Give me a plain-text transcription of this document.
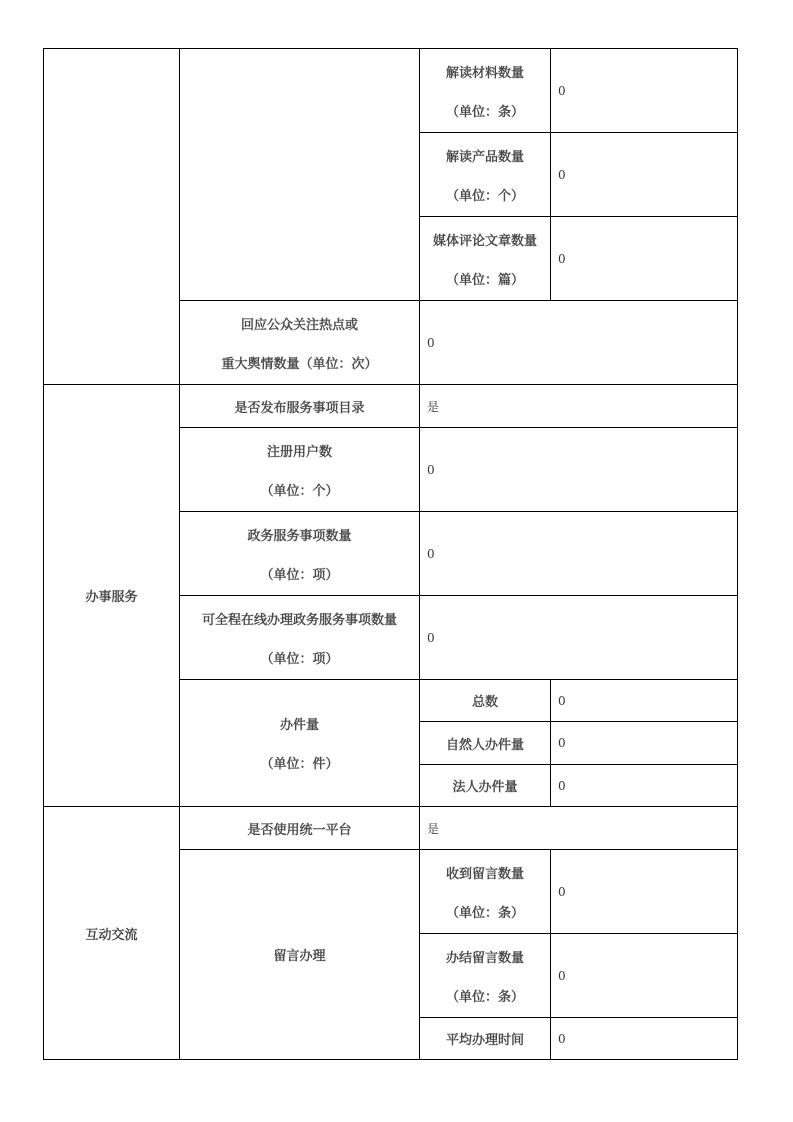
		解读材料数量
（单位：条）	0

		解读产品数量
（单位：个）	0

		媒体评论文章数量
（单位：篇）	0

	回应公众关注热点或
重大舆情数量（单位：次）	0	
办事服务	是否发布服务事项目录	是	

	注册用户数
（单位：个）	0	

	政务服务事项数量
（单位：项）	0	

	可全程在线办理政务服务事项数量
（单位：项）	0	

	办件量
（单位：件）	总数	0
		自然人办件量	0
		法人办件量	0
互动交流	是否使用统一平台	是	
	留言办理	收到留言数量
（单位：条）	0

		办结留言数量
（单位：条）	0
		平均办理时间	0
